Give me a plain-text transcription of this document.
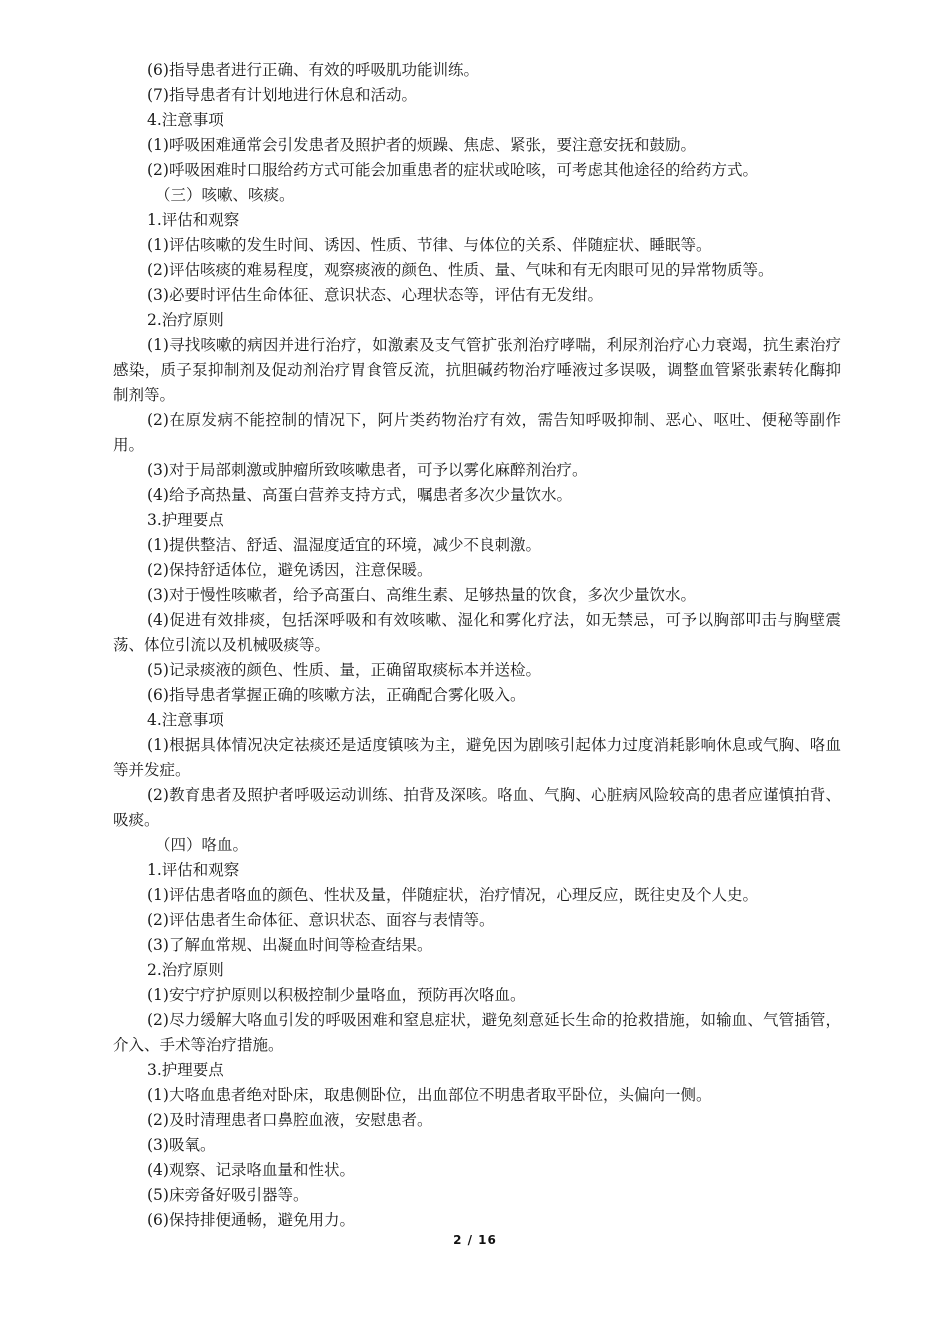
(6)指导患者进行正确、有效的呼吸肌功能训练。
(7)指导患者有计划地进行休息和活动。
4.注意事项
(1)呼吸困难通常会引发患者及照护者的烦躁、焦虑、紧张，要注意安抚和鼓励。
(2)呼吸困难时口服给药方式可能会加重患者的症状或呛咳，可考虑其他途径的给药方式。
（三）咳嗽、咳痰。
1.评估和观察
(1)评估咳嗽的发生时间、诱因、性质、节律、与体位的关系、伴随症状、睡眠等。
(2)评估咳痰的难易程度，观察痰液的颜色、性质、量、气味和有无肉眼可见的异常物质等。
(3)必要时评估生命体征、意识状态、心理状态等，评估有无发绀。
2.治疗原则

(1)寻找咳嗽的病因并进行治疗，如激素及支气管扩张剂治疗哮喘，利尿剂治疗心力衰竭，抗生素治疗感染，质子泵抑制剂及促动剂治疗胃食管反流，抗胆碱药物治疗唾液过多误吸，调整血管紧张素转化酶抑制剂等。

(2)在原发病不能控制的情况下，阿片类药物治疗有效，需告知呼吸抑制、恶心、呕吐、便秘等副作用。

(3)对于局部刺激或肿瘤所致咳嗽患者，可予以雾化麻醉剂治疗。
(4)给予高热量、高蛋白营养支持方式，嘱患者多次少量饮水。
3.护理要点
(1)提供整洁、舒适、温湿度适宜的环境，减少不良刺激。
(2)保持舒适体位，避免诱因，注意保暖。
(3)对于慢性咳嗽者，给予高蛋白、高维生素、足够热量的饮食，多次少量饮水。

(4)促进有效排痰，包括深呼吸和有效咳嗽、湿化和雾化疗法，如无禁忌，可予以胸部叩击与胸壁震荡、体位引流以及机械吸痰等。

(5)记录痰液的颜色、性质、量，正确留取痰标本并送检。
(6)指导患者掌握正确的咳嗽方法，正确配合雾化吸入。
4.注意事项

(1)根据具体情况决定祛痰还是适度镇咳为主，避免因为剧咳引起体力过度消耗影响休息或气胸、咯血等并发症。

(2)教育患者及照护者呼吸运动训练、拍背及深咳。咯血、气胸、心脏病风险较高的患者应谨慎拍背、吸痰。

（四）咯血。
1.评估和观察
(1)评估患者咯血的颜色、性状及量，伴随症状，治疗情况，心理反应，既往史及个人史。
(2)评估患者生命体征、意识状态、面容与表情等。
(3)了解血常规、出凝血时间等检查结果。
2.治疗原则
(1)安宁疗护原则以积极控制少量咯血，预防再次咯血。

(2)尽力缓解大咯血引发的呼吸困难和窒息症状，避免刻意延长生命的抢救措施，如输血、气管插管，介入、手术等治疗措施。

3.护理要点
(1)大咯血患者绝对卧床，取患侧卧位，出血部位不明患者取平卧位，头偏向一侧。
(2)及时清理患者口鼻腔血液，安慰患者。
(3)吸氧。
(4)观察、记录咯血量和性状。
(5)床旁备好吸引器等。
(6)保持排便通畅，避免用力。
2 / 16
